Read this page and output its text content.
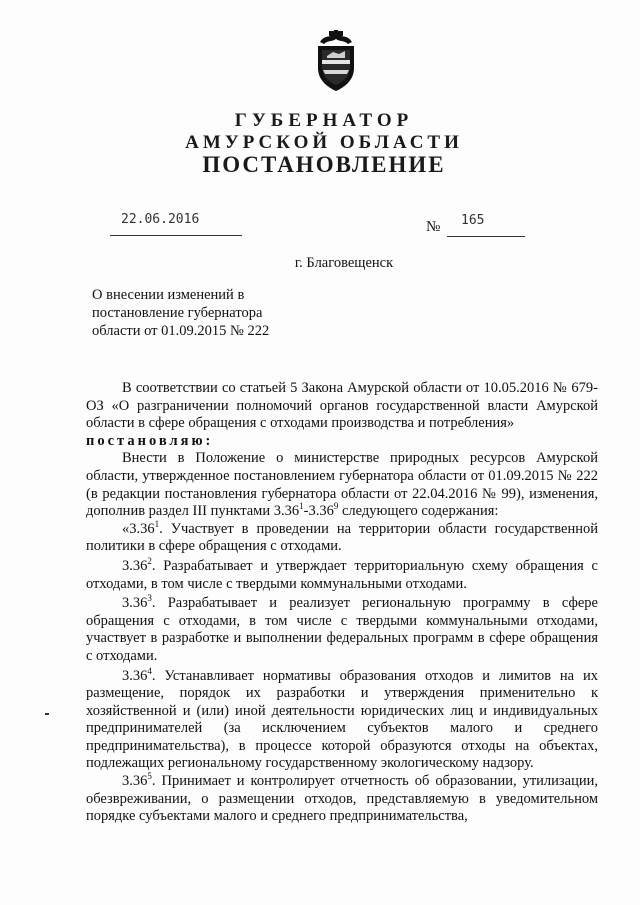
ГУБЕРНАТОР
АМУРСКОЙ ОБЛАСТИ
ПОСТАНОВЛЕНИЕ
22.06.2016	№ 165
г. Благовещенск
О внесении изменений в
постановление губернатора
области от 01.09.2015 № 222

В соответствии со статьей 5 Закона Амурской области от 10.05.2016 № 679-ОЗ «О разграничении полномочий органов государственной власти Амурской области в сфере обращения с отходами производства и потребления»

постановляю:

Внести в Положение о министерстве природных ресурсов Амурской области, утвержденное постановлением губернатора области от 01.09.2015 № 222 (в редакции постановления губернатора области от 22.04.2016 № 99), изменения, дополнив раздел III пунктами 3.36$^1$-3.36$^9$ следующего содержания:

«3.36$^1$. Участвует в проведении на территории области государственной политики в сфере обращения с отходами.

3.36$^2$. Разрабатывает и утверждает территориальную схему обращения с отходами, в том числе с твердыми коммунальными отходами.

3.36$^3$. Разрабатывает и реализует региональную программу в сфере обращения с отходами, в том числе с твердыми коммунальными отходами, участвует в разработке и выполнении федеральных программ в сфере обращения с отходами.

3.36$^4$. Устанавливает нормативы образования отходов и лимитов на их размещение, порядок их разработки и утверждения применительно к хозяйственной и (или) иной деятельности юридических лиц и индивидуальных предпринимателей (за исключением субъектов малого и среднего предпринимательства), в процессе которой образуются отходы на объектах, подлежащих региональному государственному экологическому надзору.

3.36$^5$. Принимает и контролирует отчетность об образовании, утилизации, обезвреживании, о размещении отходов, представляемую в уведомительном порядке субъектами малого и среднего предпринимательства,
